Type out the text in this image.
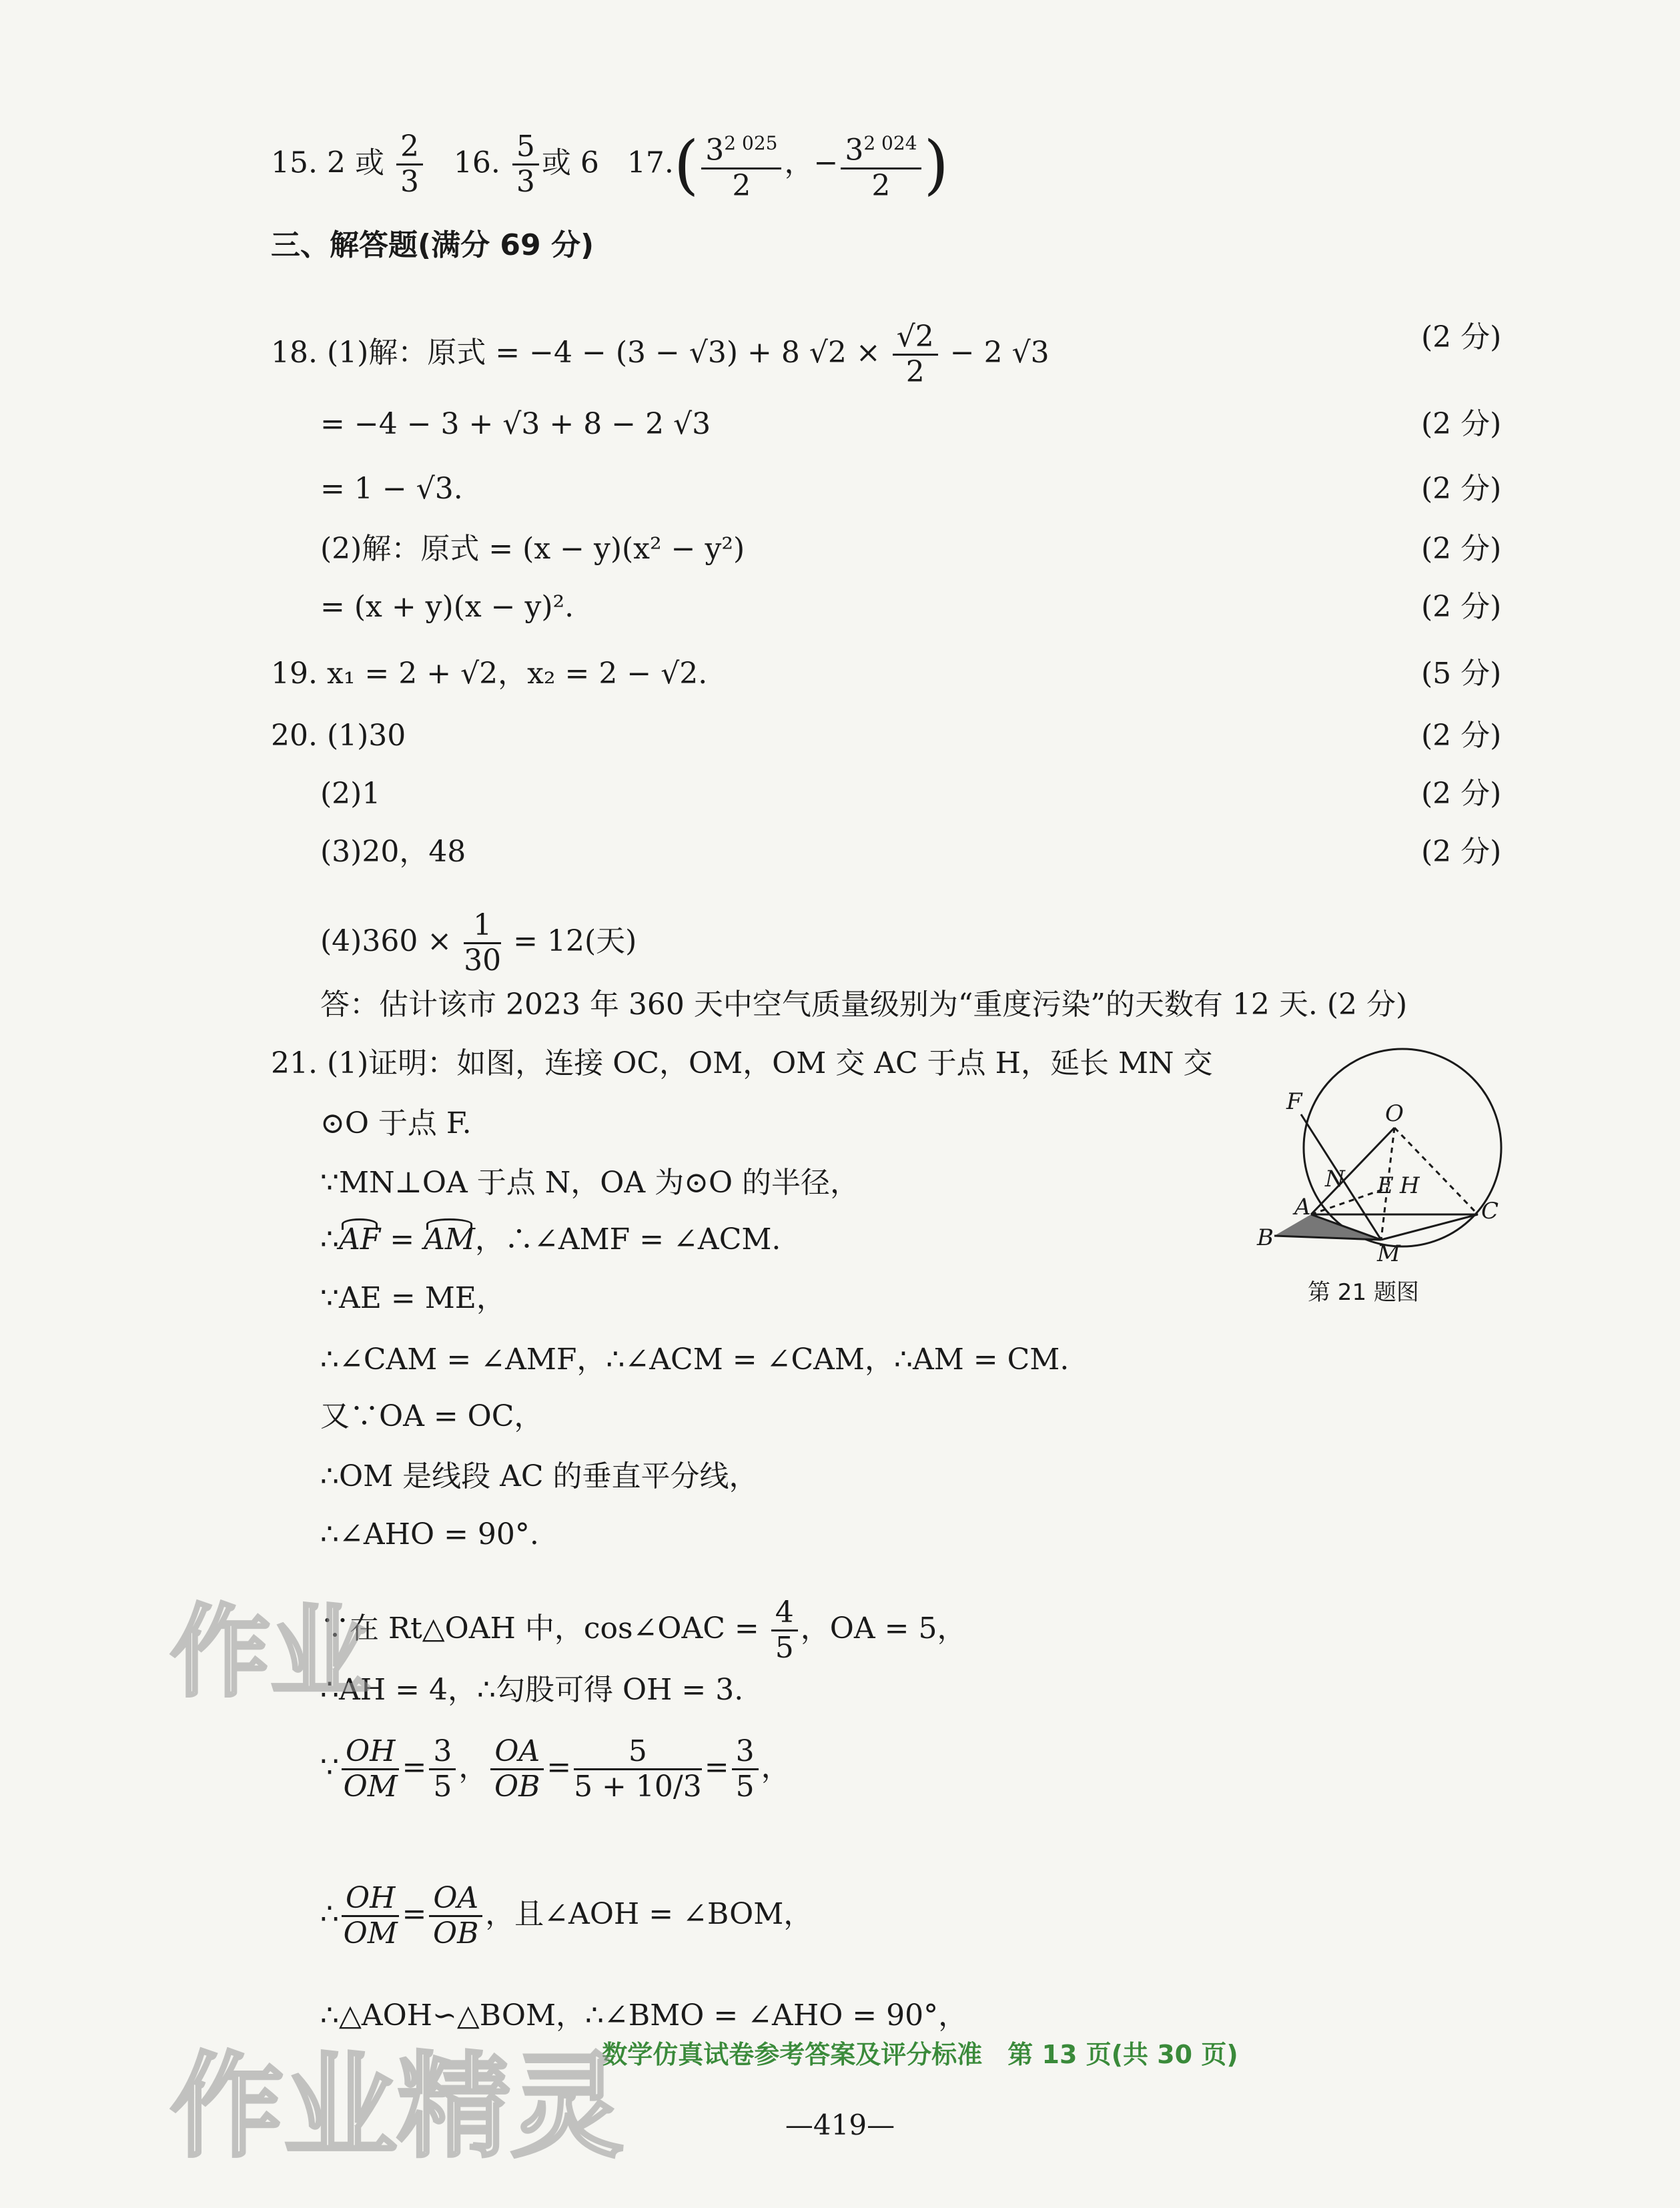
15. 2 或 $\frac{2}{3} 16$. $\frac{5}{3}$ 或 6 $17.( \frac{3^{2 025}}{2}$ ，− $\frac{3^{2 024}}{2}$ )
三、解答题(满分 69 分)
18. (1)解：原式 = −4 − (3 − √3) + 8 $√2 \times \frac{√2}{2} - 2$ √3	(2 分)
= −4 − 3 + √3 + 8 − 2 √3	(2 分)
= 1 − √3.	(2 分)
(2)解：原式 = (x − y)(x² − y²)	(2 分)
= (x + y)(x − y)².	(2 分)
19. x₁ = 2 + √2，x₂ = 2 − √2.	(5 分)
20. (1)30	(2 分)
(2)1	(2 分)
(3)20，48	(2 分)
$(4)360 \times \frac{1}{30} = 12$(天)
答：估计该市 2023 年 360 天中空气质量级别为“重度污染”的天数有 12 天. (2 分)
21. (1)证明：如图，连接 OC，OM，OM 交 AC 于点 H，延长 MN 交
⊙O 于点 F.
∵MN⊥OA 于点 N，OA 为⊙O 的半径，
∴AF = AM，∴∠AMF = ∠ACM.
∵AE = ME，
∴∠CAM = ∠AMF，∴∠ACM = ∠CAM，∴AM = CM.
又∵OA = OC，
∴OM 是线段 AC 的垂直平分线，
∴∠AHO = 90°.
∵在 Rt△OAH 中，cos∠OAC = $\frac{4}{5}$ ，OA = 5，
∴AH = 4，∴勾股可得 OH = 3.
∵ $\frac{OH}{OM} = \frac{3}{5}$ ， $\frac{OA}{OB} = \frac{5}{5 + 10/3} = \frac{3}{5}$ ，
∴ $\frac{OH}{OM} = \frac{OA}{OB}$ ，且∠AOH = ∠BOM，
∴△AOH∽△BOM，∴∠BMO = ∠AHO = 90°，
F	O
N E H
A	C
B
M
第 21 题图
数学仿真试卷参考答案及评分标准　第 13 页(共 30 页)
—419—
作业
作业精灵
